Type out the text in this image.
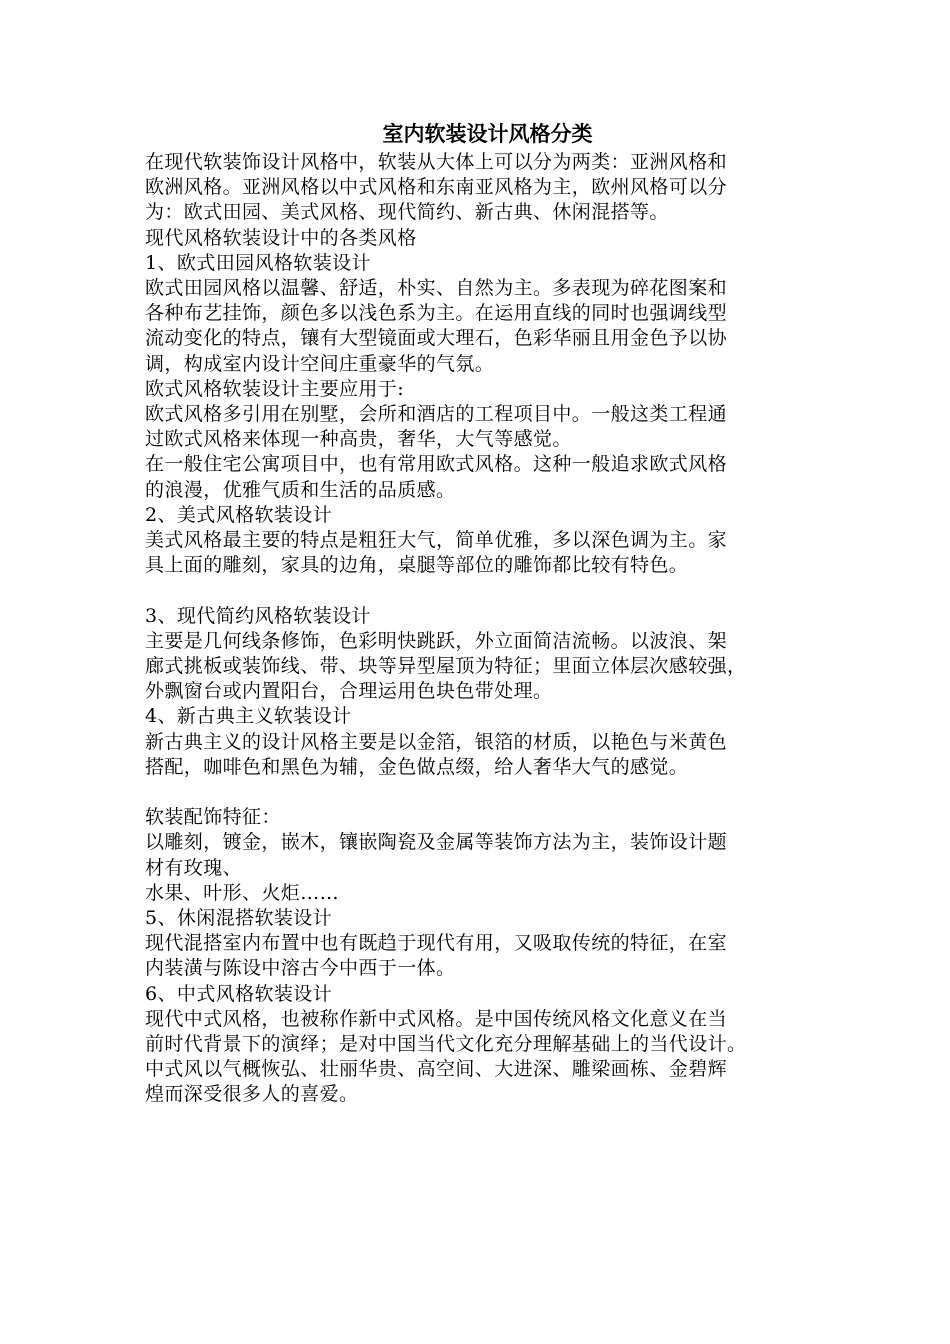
室内软装设计风格分类

在现代软装饰设计风格中，软装从大体上可以分为两类：亚洲风格和

欧洲风格。亚洲风格以中式风格和东南亚风格为主，欧州风格可以分

为：欧式田园、美式风格、现代简约、新古典、休闲混搭等。

现代风格软装设计中的各类风格

1、欧式田园风格软装设计

欧式田园风格以温馨、舒适，朴实、自然为主。多表现为碎花图案和

各种布艺挂饰，颜色多以浅色系为主。在运用直线的同时也强调线型

流动变化的特点，镶有大型镜面或大理石，色彩华丽且用金色予以协

调，构成室内设计空间庄重豪华的气氛。

欧式风格软装设计主要应用于:

欧式风格多引用在别墅，会所和酒店的工程项目中。一般这类工程通

过欧式风格来体现一种高贵，奢华，大气等感觉。

在一般住宅公寓项目中，也有常用欧式风格。这种一般追求欧式风格

的浪漫，优雅气质和生活的品质感。

2、美式风格软装设计

美式风格最主要的特点是粗狂大气，简单优雅，多以深色调为主。家

具上面的雕刻，家具的边角，桌腿等部位的雕饰都比较有特色。

3、现代简约风格软装设计

主要是几何线条修饰，色彩明快跳跃，外立面简洁流畅。以波浪、架

廊式挑板或装饰线、带、块等异型屋顶为特征；里面立体层次感较强，

外飘窗台或内置阳台，合理运用色块色带处理。

4、新古典主义软装设计

新古典主义的设计风格主要是以金箔，银箔的材质，以艳色与米黄色

搭配，咖啡色和黑色为辅，金色做点缀，给人奢华大气的感觉。

软装配饰特征：

以雕刻，镀金，嵌木，镶嵌陶瓷及金属等装饰方法为主，装饰设计题

材有玫瑰、

水果、叶形、火炬……

5、休闲混搭软装设计

现代混搭室内布置中也有既趋于现代有用，又吸取传统的特征，在室

内装潢与陈设中溶古今中西于一体。

6、中式风格软装设计

现代中式风格，也被称作新中式风格。是中国传统风格文化意义在当

前时代背景下的演绎；是对中国当代文化充分理解基础上的当代设计。

中式风以气概恢弘、壮丽华贵、高空间、大进深、雕梁画栋、金碧辉

煌而深受很多人的喜爱。
